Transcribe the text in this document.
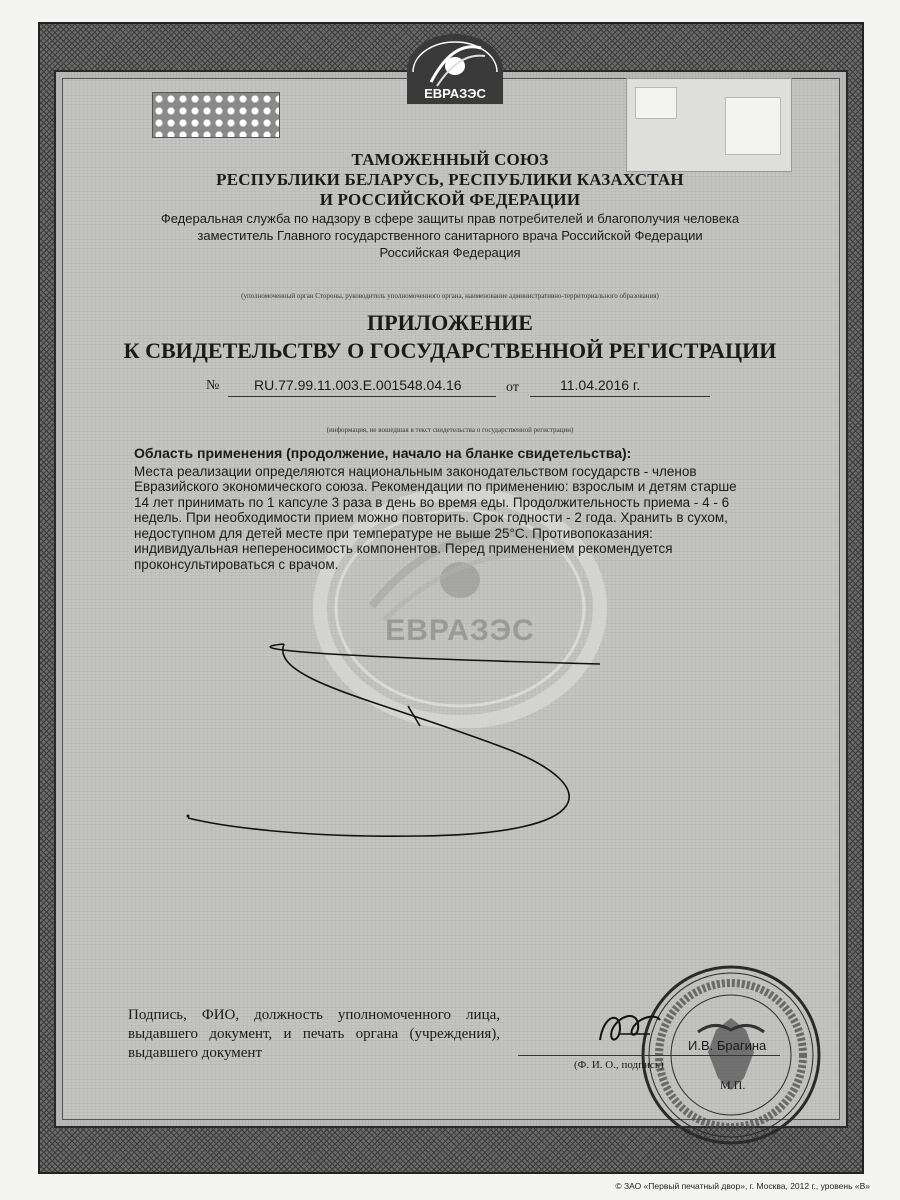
ЕВРАЗЭС
ЕВРАЗЭС
ТАМОЖЕННЫЙ СОЮЗ
РЕСПУБЛИКИ БЕЛАРУСЬ, РЕСПУБЛИКИ КАЗАХСТАН
И РОССИЙСКОЙ ФЕДЕРАЦИИ
Федеральная служба по надзору в сфере защиты прав потребителей и благополучия человека
заместитель Главного государственного санитарного врача Российской Федерации
Российская Федерация
(уполномоченный орган Стороны, руководитель уполномоченного органа, наименование административно-территориального образования)
ПРИЛОЖЕНИЕ
К СВИДЕТЕЛЬСТВУ О ГОСУДАРСТВЕННОЙ РЕГИСТРАЦИИ
№ RU.77.99.11.003.E.001548.04.16	от	11.04.2016 г.
(информация, не вошедшая в текст свидетельства о государственной регистрации)
Область применения (продолжение, начало на бланке свидетельства):
Места реализации определяются национальным законодательством государств - членов
Евразийского экономического союза. Рекомендации по применению: взрослым и детям старше
14 лет принимать по 1 капсуле 3 раза в день во время еды. Продолжительность приема - 4 - 6
недель. При необходимости прием можно повторить. Срок годности - 2 года. Хранить в сухом,
недоступном для детей месте при температуре не выше 25°С. Противопоказания:
индивидуальная непереносимость компонентов. Перед применением рекомендуется
проконсультироваться с врачом.
Подпись, ФИО, должность уполномоченного лица, выдавшего документ, и печать органа (учреждения), выдавшего документ	И.В. Брагина
(Ф. И. О., подпись)
М.П.
© ЗАО «Первый печатный двор», г. Москва, 2012 г., уровень «В»
